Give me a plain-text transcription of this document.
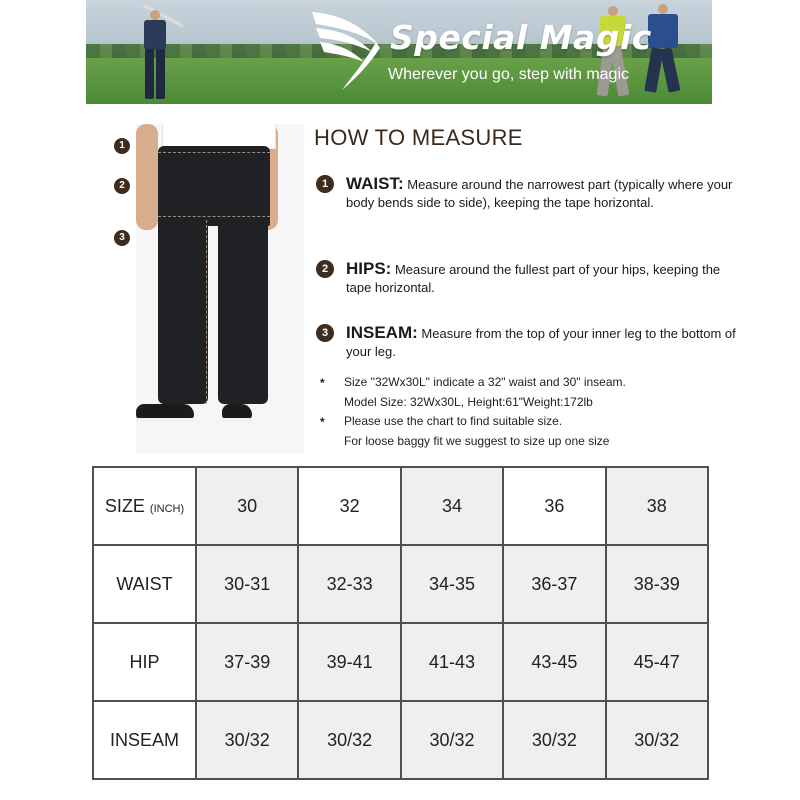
Special Magic
Wherever you go, step with magic
1
2
3
HOW TO MEASURE
1	WAIST: Measure around the narrowest part (typically where your body bends side to side), keeping the tape horizontal.
2	HIPS: Measure around the fullest part of your hips, keeping the tape horizontal.
3	INSEAM: Measure from the top of your inner leg to the bottom of your leg.
* Size "32Wx30L" indicate a 32" waist and 30" inseam.
Model Size: 32Wx30L, Height:61"Weight:172lb
* Please use the chart to find suitable size.
For loose baggy fit we suggest to size up one size
SIZE (INCH)	30	32	34	36	38
WAIST	30-31	32-33	34-35	36-37	38-39
HIP	37-39	39-41	41-43	43-45	45-47
INSEAM	30/32	30/32	30/32	30/32	30/32
